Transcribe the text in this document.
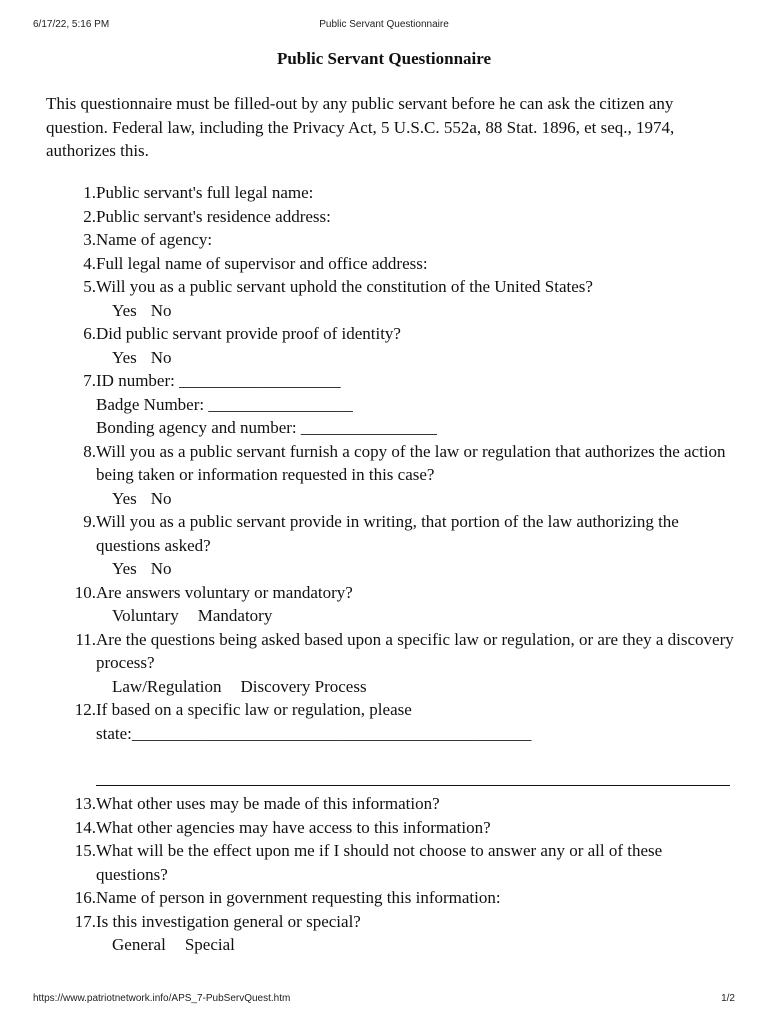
6/17/22, 5:16 PM	Public Servant Questionnaire
Public Servant Questionnaire
This questionnaire must be filled-out by any public servant before he can ask the citizen any question. Federal law, including the Privacy Act, 5 U.S.C. 552a, 88 Stat. 1896, et seq., 1974, authorizes this.
1. Public servant's full legal name:
2. Public servant's residence address:
3. Name of agency:
4. Full legal name of supervisor and office address:
5. Will you as a public servant uphold the constitution of the United States?
Yes No
6. Did public servant provide proof of identity?
Yes No
7. ID number: ___________________
Badge Number: _________________
Bonding agency and number: ________________
8. Will you as a public servant furnish a copy of the law or regulation that authorizes the action being taken or information requested in this case?
Yes No
9. Will you as a public servant provide in writing, that portion of the law authorizing the questions asked?
Yes No
10. Are answers voluntary or mandatory?
Voluntary Mandatory
11. Are the questions being asked based upon a specific law or regulation, or are they a discovery process?
Law/Regulation Discovery Process
12. If based on a specific law or regulation, please
state:_______________________________________________
13. What other uses may be made of this information?
14. What other agencies may have access to this information?
15. What will be the effect upon me if I should not choose to answer any or all of these questions?
16. Name of person in government requesting this information:
17. Is this investigation general or special?
General Special
https://www.patriotnetwork.info/APS_7-PubServQuest.htm	1/2
